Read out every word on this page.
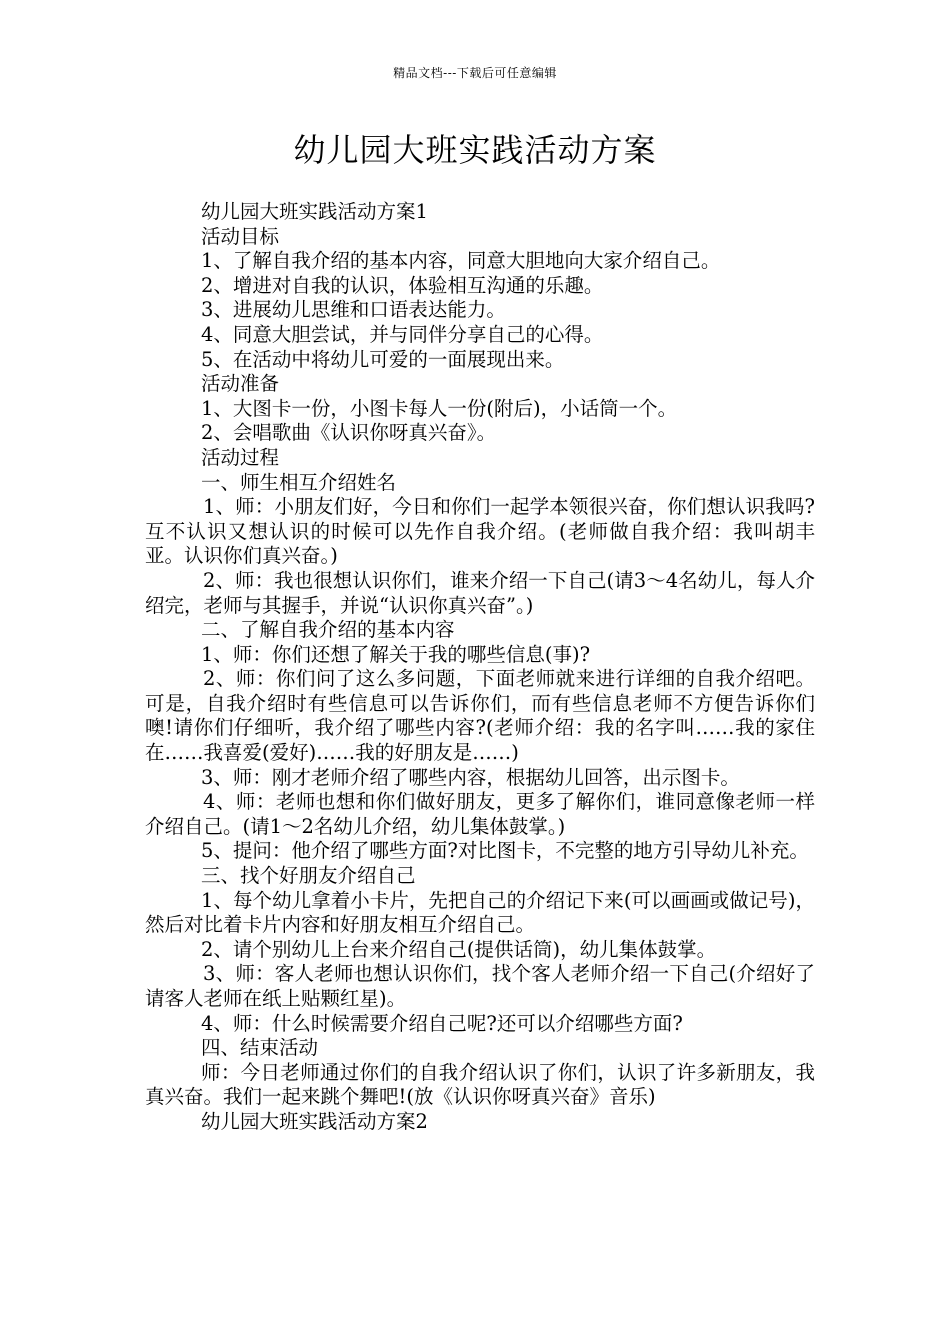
精品文档---下载后可任意编辑
幼儿园大班实践活动方案

幼儿园大班实践活动方案1

活动目标

1、了解自我介绍的基本内容，同意大胆地向大家介绍自己。

2、增进对自我的认识，体验相互沟通的乐趣。

3、进展幼儿思维和口语表达能力。

4、同意大胆尝试，并与同伴分享自己的心得。

5、在活动中将幼儿可爱的一面展现出来。

活动准备

1、大图卡一份，小图卡每人一份(附后)，小话筒一个。

2、会唱歌曲《认识你呀真兴奋》。

活动过程

一、师生相互介绍姓名

1、师：小朋友们好，今日和你们一起学本领很兴奋，你们想认识我吗?互不认识又想认识的时候可以先作自我介绍。(老师做自我介绍：我叫胡丰亚。认识你们真兴奋。)

2、师：我也很想认识你们，谁来介绍一下自己(请3～4名幼儿，每人介绍完，老师与其握手，并说“认识你真兴奋”。)

二、了解自我介绍的基本内容

1、师：你们还想了解关于我的哪些信息(事)?

2、师：你们问了这么多问题，下面老师就来进行详细的自我介绍吧。可是，自我介绍时有些信息可以告诉你们，而有些信息老师不方便告诉你们噢!请你们仔细听，我介绍了哪些内容?(老师介绍：我的名字叫……我的家住在……我喜爱(爱好)……我的好朋友是……)

3、师：刚才老师介绍了哪些内容，根据幼儿回答，出示图卡。

4、师：老师也想和你们做好朋友，更多了解你们，谁同意像老师一样介绍自己。(请1～2名幼儿介绍，幼儿集体鼓掌。)

5、提问：他介绍了哪些方面?对比图卡，不完整的地方引导幼儿补充。

三、找个好朋友介绍自己

1、每个幼儿拿着小卡片，先把自己的介绍记下来(可以画画或做记号)，然后对比着卡片内容和好朋友相互介绍自己。

2、请个别幼儿上台来介绍自己(提供话筒)，幼儿集体鼓掌。

3、师：客人老师也想认识你们，找个客人老师介绍一下自己(介绍好了请客人老师在纸上贴颗红星)。

4、师：什么时候需要介绍自己呢?还可以介绍哪些方面?

四、结束活动

师：今日老师通过你们的自我介绍认识了你们，认识了许多新朋友，我真兴奋。我们一起来跳个舞吧!(放《认识你呀真兴奋》音乐)

幼儿园大班实践活动方案2
